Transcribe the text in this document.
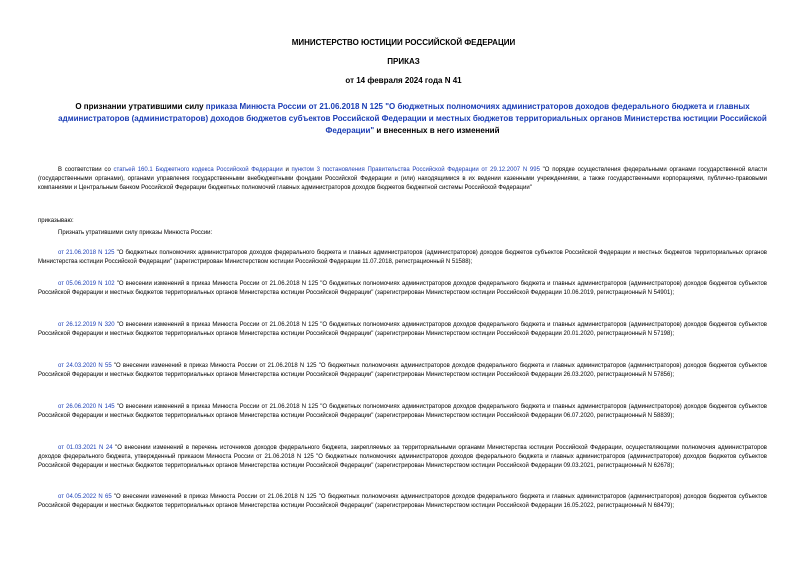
МИНИСТЕРСТВО ЮСТИЦИИ РОССИЙСКОЙ ФЕДЕРАЦИИ
ПРИКАЗ
от 14 февраля 2024 года N 41
О признании утратившими силу приказа Минюста России от 21.06.2018 N 125 "О бюджетных полномочиях администраторов доходов федерального бюджета и главных администраторов (администраторов) доходов бюджетов субъектов Российской Федерации и местных бюджетов территориальных органов Министерства юстиции Российской Федерации" и внесенных в него изменений

В соответствии со статьей 160.1 Бюджетного кодекса Российской Федерации и пунктом 3 постановления Правительства Российской Федерации от 29.12.2007 N 995 "О порядке осуществления федеральными органами государственной власти (государственными органами), органами управления государственными внебюджетными фондами Российской Федерации и (или) находящимися в их ведении казенными учреждениями, а также государственными корпорациями, публично-правовыми компаниями и Центральным банком Российской Федерации бюджетных полномочий главных администраторов доходов бюджетов бюджетной системы Российской Федерации"

приказываю:

Признать утратившими силу приказы Минюста России:

от 21.06.2018 N 125 "О бюджетных полномочиях администраторов доходов федерального бюджета и главных администраторов (администраторов) доходов бюджетов субъектов Российской Федерации и местных бюджетов территориальных органов Министерства юстиции Российской Федерации" (зарегистрирован Министерством юстиции Российской Федерации 11.07.2018, регистрационный N 51588);

от 05.06.2019 N 102 "О внесении изменений в приказ Минюста России от 21.06.2018 N 125 "О бюджетных полномочиях администраторов доходов федерального бюджета и главных администраторов (администраторов) доходов бюджетов субъектов Российской Федерации и местных бюджетов территориальных органов Министерства юстиции Российской Федерации" (зарегистрирован Министерством юстиции Российской Федерации 10.06.2019, регистрационный N 54901);

от 26.12.2019 N 320 "О внесении изменений в приказ Минюста России от 21.06.2018 N 125 "О бюджетных полномочиях администраторов доходов федерального бюджета и главных администраторов (администраторов) доходов бюджетов субъектов Российской Федерации и местных бюджетов территориальных органов Министерства юстиции Российской Федерации" (зарегистрирован Министерством юстиции Российской Федерации 20.01.2020, регистрационный N 57198);

от 24.03.2020 N 55 "О внесении изменений в приказ Минюста России от 21.06.2018 N 125 "О бюджетных полномочиях администраторов доходов федерального бюджета и главных администраторов (администраторов) доходов бюджетов субъектов Российской Федерации и местных бюджетов территориальных органов Министерства юстиции Российской Федерации" (зарегистрирован Министерством юстиции Российской Федерации 26.03.2020, регистрационный N 57856);

от 26.06.2020 N 145 "О внесении изменений в приказ Минюста России от 21.06.2018 N 125 "О бюджетных полномочиях администраторов доходов федерального бюджета и главных администраторов (администраторов) доходов бюджетов субъектов Российской Федерации и местных бюджетов территориальных органов Министерства юстиции Российской Федерации" (зарегистрирован Министерством юстиции Российской Федерации 06.07.2020, регистрационный N 58839);

от 01.03.2021 N 24 "О внесении изменений в перечень источников доходов федерального бюджета, закрепляемых за территориальными органами Министерства юстиции Российской Федерации, осуществляющими полномочия администраторов доходов федерального бюджета, утвержденный приказом Минюста России от 21.06.2018 N 125 "О бюджетных полномочиях администраторов доходов федерального бюджета и главных администраторов (администраторов) доходов бюджетов субъектов Российской Федерации и местных бюджетов территориальных органов Министерства юстиции Российской Федерации" (зарегистрирован Министерством юстиции Российской Федерации 09.03.2021, регистрационный N 62678);

от 04.05.2022 N 65 "О внесении изменений в приказ Минюста России от 21.06.2018 N 125 "О бюджетных полномочиях администраторов доходов федерального бюджета и главных администраторов (администраторов) доходов бюджетов субъектов Российской Федерации и местных бюджетов территориальных органов Министерства юстиции Российской Федерации" (зарегистрирован Министерством юстиции Российской Федерации 16.05.2022, регистрационный N 68479);
